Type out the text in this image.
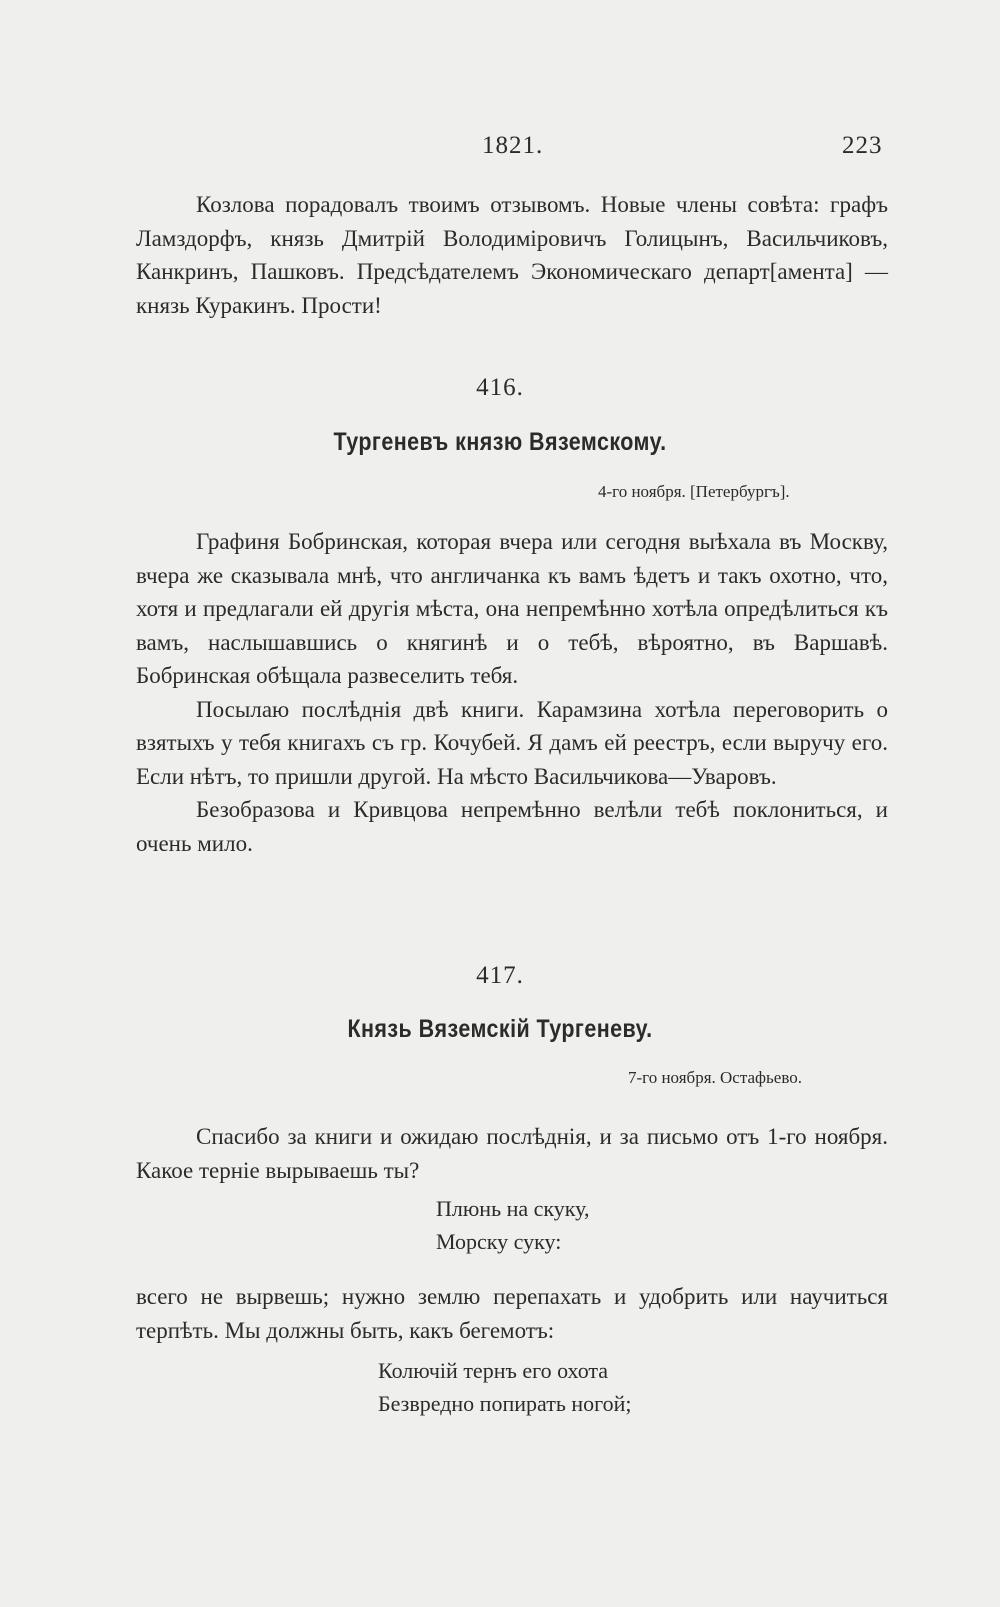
1821.	223

Козлова порадовалъ твоимъ отзывомъ. Новые члены совѣта: графъ Ламздорфъ, князь Дмитрій Володиміровичъ Голицынъ, Васильчиковъ, Канкринъ, Пашковъ. Предсѣдателемъ Экономическаго департ[амента] — князь Куракинъ. Прости!

416.
Тургеневъ князю Вяземскому.
4-го ноября. [Петербургъ].

Графиня Бобринская, которая вчера или сегодня выѣхала въ Москву, вчера же сказывала мнѣ, что англичанка къ вамъ ѣдетъ и такъ охотно, что, хотя и предлагали ей другія мѣста, она непремѣнно хотѣла опредѣлиться къ вамъ, наслышавшись о княгинѣ и о тебѣ, вѣроятно, въ Варшавѣ. Бобринская обѣщала развеселить тебя.

Посылаю послѣднія двѣ книги. Карамзина хотѣла переговорить о взятыхъ у тебя книгахъ съ гр. Кочубей. Я дамъ ей реестръ, если выручу его. Если нѣтъ, то пришли другой. На мѣсто Васильчикова—Уваровъ.

Безобразова и Кривцова непремѣнно велѣли тебѣ поклониться, и очень мило.

417.
Князь Вяземскій Тургеневу.
7-го ноября. Остафьево.

Спасибо за книги и ожидаю послѣднія, и за письмо отъ 1-го ноября. Какое терніе вырываешь ты?

Плюнь на скуку,
Морску суку:

всего не вырвешь; нужно землю перепахать и удобрить или научиться терпѣть. Мы должны быть, какъ бегемотъ:

Колючій тернъ его охота
Безвредно попирать ногой;
